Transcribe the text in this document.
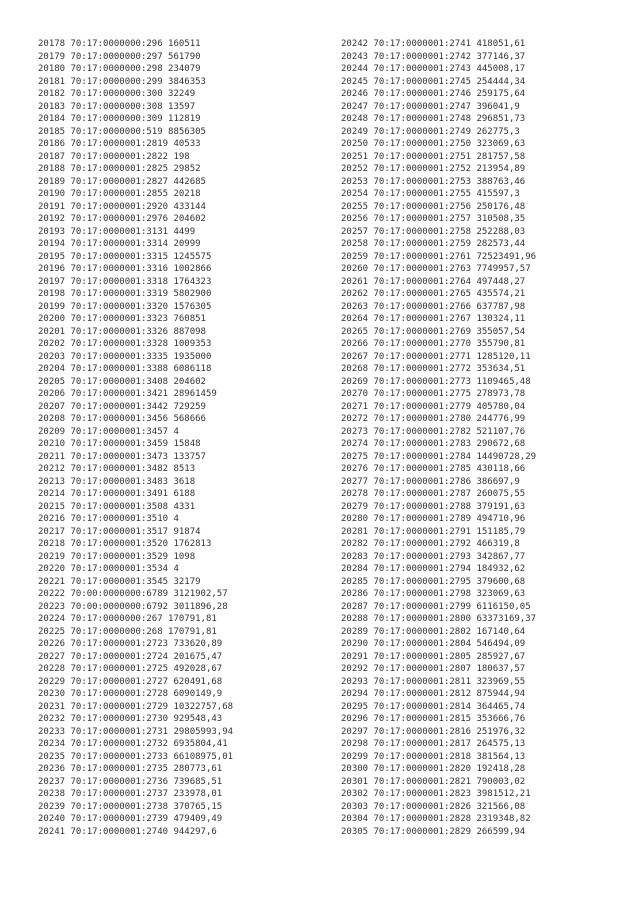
20178 70:17:0000000:296 160511
20179 70:17:0000000:297 561790
20180 70:17:0000000:298 234079
20181 70:17:0000000:299 3846353
20182 70:17:0000000:300 32249
20183 70:17:0000000:308 13597
20184 70:17:0000000:309 112819
20185 70:17:0000000:519 8856305
20186 70:17:0000001:2819 40533
20187 70:17:0000001:2822 198
20188 70:17:0000001:2825 29852
20189 70:17:0000001:2827 442685
20190 70:17:0000001:2855 20218
20191 70:17:0000001:2920 433144
20192 70:17:0000001:2976 204602
20193 70:17:0000001:3131 4499
20194 70:17:0000001:3314 20999
20195 70:17:0000001:3315 1245575
20196 70:17:0000001:3316 1002866
20197 70:17:0000001:3318 1764323
20198 70:17:0000001:3319 5802900
20199 70:17:0000001:3320 1576305
20200 70:17:0000001:3323 760851
20201 70:17:0000001:3326 887098
20202 70:17:0000001:3328 1009353
20203 70:17:0000001:3335 1935000
20204 70:17:0000001:3388 6086118
20205 70:17:0000001:3408 204602
20206 70:17:0000001:3421 28961459
20207 70:17:0000001:3442 729259
20208 70:17:0000001:3456 568666
20209 70:17:0000001:3457 4
20210 70:17:0000001:3459 15848
20211 70:17:0000001:3473 133757
20212 70:17:0000001:3482 8513
20213 70:17:0000001:3483 3618
20214 70:17:0000001:3491 6188
20215 70:17:0000001:3508 4331
20216 70:17:0000001:3510 4
20217 70:17:0000001:3517 91874
20218 70:17:0000001:3520 1762813
20219 70:17:0000001:3529 1098
20220 70:17:0000001:3534 4
20221 70:17:0000001:3545 32179
20222 70:00:0000000:6789 3121902,57
20223 70:00:0000000:6792 3011896,28
20224 70:17:0000000:267 170791,81
20225 70:17:0000000:268 170791,81
20226 70:17:0000001:2723 733620,89
20227 70:17:0000001:2724 201675,47
20228 70:17:0000001:2725 492028,67
20229 70:17:0000001:2727 620491,68
20230 70:17:0000001:2728 6090149,9
20231 70:17:0000001:2729 10322757,68
20232 70:17:0000001:2730 929548,43
20233 70:17:0000001:2731 29805993,94
20234 70:17:0000001:2732 6935804,41
20235 70:17:0000001:2733 66108975,01
20236 70:17:0000001:2735 280773,61
20237 70:17:0000001:2736 739685,51
20238 70:17:0000001:2737 233978,01
20239 70:17:0000001:2738 370765,15
20240 70:17:0000001:2739 479409,49
20241 70:17:0000001:2740 944297,6
20242 70:17:0000001:2741 418051,61
20243 70:17:0000001:2742 377146,37
20244 70:17:0000001:2743 445008,17
20245 70:17:0000001:2745 254444,34
20246 70:17:0000001:2746 259175,64
20247 70:17:0000001:2747 396041,9
20248 70:17:0000001:2748 296851,73
20249 70:17:0000001:2749 262775,3
20250 70:17:0000001:2750 323069,63
20251 70:17:0000001:2751 281757,58
20252 70:17:0000001:2752 213954,89
20253 70:17:0000001:2753 388763,46
20254 70:17:0000001:2755 415597,3
20255 70:17:0000001:2756 250176,48
20256 70:17:0000001:2757 310508,35
20257 70:17:0000001:2758 252288,03
20258 70:17:0000001:2759 282573,44
20259 70:17:0000001:2761 72523491,96
20260 70:17:0000001:2763 7749957,57
20261 70:17:0000001:2764 497448,27
20262 70:17:0000001:2765 435574,21
20263 70:17:0000001:2766 637787,98
20264 70:17:0000001:2767 130324,11
20265 70:17:0000001:2769 355057,54
20266 70:17:0000001:2770 355790,81
20267 70:17:0000001:2771 1285120,11
20268 70:17:0000001:2772 353634,51
20269 70:17:0000001:2773 1109465,48
20270 70:17:0000001:2775 278973,78
20271 70:17:0000001:2779 405780,04
20272 70:17:0000001:2780 244776,99
20273 70:17:0000001:2782 521107,76
20274 70:17:0000001:2783 290672,68
20275 70:17:0000001:2784 14490728,29
20276 70:17:0000001:2785 430118,66
20277 70:17:0000001:2786 386697,9
20278 70:17:0000001:2787 260075,55
20279 70:17:0000001:2788 379191,63
20280 70:17:0000001:2789 494710,96
20281 70:17:0000001:2791 151185,79
20282 70:17:0000001:2792 466319,8
20283 70:17:0000001:2793 342867,77
20284 70:17:0000001:2794 184932,62
20285 70:17:0000001:2795 379600,68
20286 70:17:0000001:2798 323069,63
20287 70:17:0000001:2799 6116150,05
20288 70:17:0000001:2800 63373169,37
20289 70:17:0000001:2802 167140,64
20290 70:17:0000001:2804 546494,09
20291 70:17:0000001:2805 285927,67
20292 70:17:0000001:2807 180637,57
20293 70:17:0000001:2811 323969,55
20294 70:17:0000001:2812 875944,94
20295 70:17:0000001:2814 364465,74
20296 70:17:0000001:2815 353666,76
20297 70:17:0000001:2816 251976,32
20298 70:17:0000001:2817 264575,13
20299 70:17:0000001:2818 381564,13
20300 70:17:0000001:2820 192418,28
20301 70:17:0000001:2821 790003,02
20302 70:17:0000001:2823 3981512,21
20303 70:17:0000001:2826 321566,08
20304 70:17:0000001:2828 2319348,82
20305 70:17:0000001:2829 266599,94
